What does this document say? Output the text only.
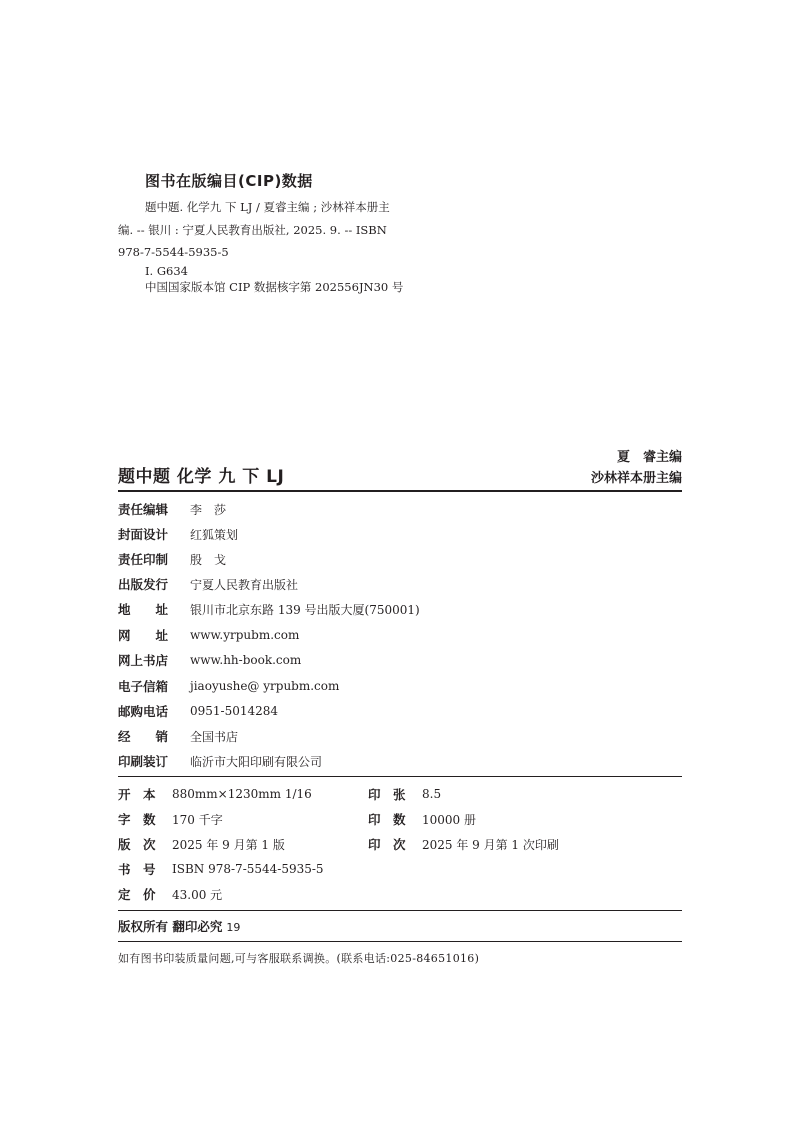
图书在版编目(CIP)数据
题中题. 化学九 下 LJ / 夏睿主编 ; 沙林祥本册主
编. -- 银川 : 宁夏人民教育出版社, 2025. 9. -- ISBN
978-7-5544-5935-5
Ⅰ. G634
中国国家版本馆 CIP 数据核字第 202556JN30 号
题中题 化学 九 下 LJ
夏　睿主编
沙林祥本册主编
责任编辑	李　莎
封面设计	红狐策划
责任印制	殷　戈
出版发行	宁夏人民教育出版社
地　　址	银川市北京东路 139 号出版大厦(750001)
网　　址	www.yrpubm.com
网上书店	www.hh-book.com
电子信箱	jiaoyushe@ yrpubm.com
邮购电话	0951-5014284
经　　销	全国书店
印刷装订	临沂市大阳印刷有限公司
开　本	880mm×1230mm 1/16	印　张	8.5
字　数	170 千字	印　数	10000 册
版　次	2025 年 9 月第 1 版	印　次	2025 年 9 月第 1 次印刷
书　号	ISBN 978-7-5544-5935-5
定　价	43.00 元
版权所有 翻印必究 19
如有图书印装质量问题,可与客服联系调换。(联系电话:025-84651016)
